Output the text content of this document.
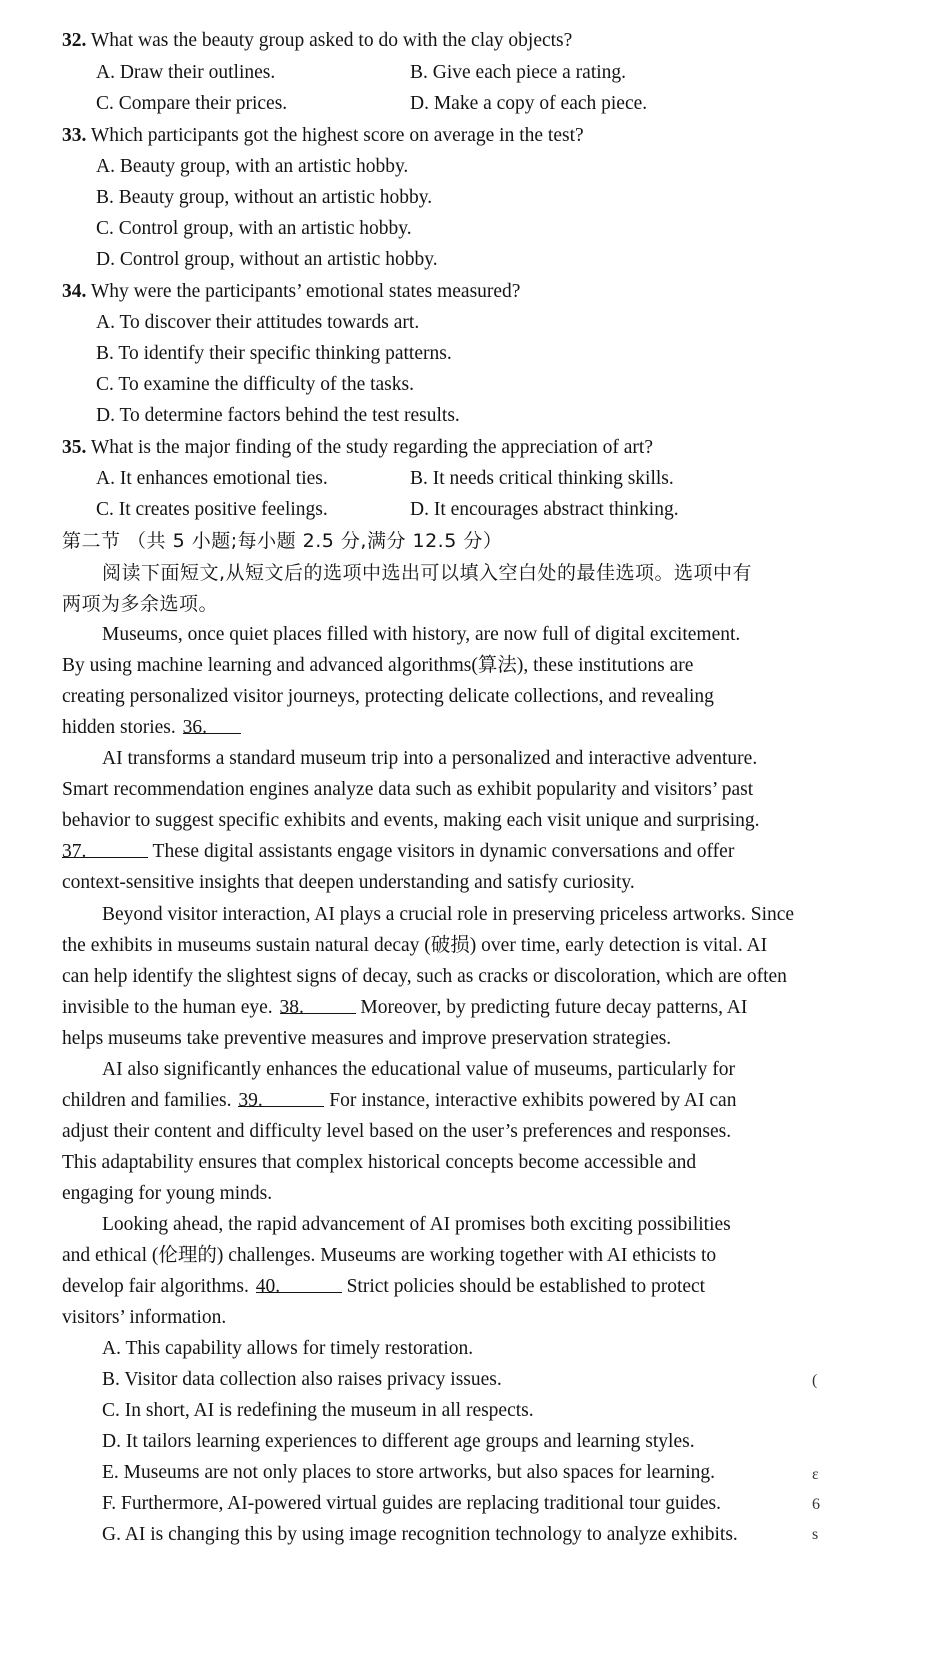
32. What was the beauty group asked to do with the clay objects?
A. Draw their outlines.	B. Give each piece a rating.
C. Compare their prices.	D. Make a copy of each piece.
33. Which participants got the highest score on average in the test?
A. Beauty group, with an artistic hobby.
B. Beauty group, without an artistic hobby.
C. Control group, with an artistic hobby.
D. Control group, without an artistic hobby.
34. Why were the participants’ emotional states measured?
A. To discover their attitudes towards art.
B. To identify their specific thinking patterns.
C. To examine the difficulty of the tasks.
D. To determine factors behind the test results.
35. What is the major finding of the study regarding the appreciation of art?
A. It enhances emotional ties.	B. It needs critical thinking skills.
C. It creates positive feelings.	D. It encourages abstract thinking.
第二节 （共 5 小题;每小题 2.5 分,满分 12.5 分）
阅读下面短文,从短文后的选项中选出可以填入空白处的最佳选项。选项中有
两项为多余选项。
Museums, once quiet places filled with history, are now full of digital excitement.
By using machine learning and advanced algorithms(算法), these institutions are
creating personalized visitor journeys, protecting delicate collections, and revealing
hidden stories. 36.
AI transforms a standard museum trip into a personalized and interactive adventure.
Smart recommendation engines analyze data such as exhibit popularity and visitors’ past
behavior to suggest specific exhibits and events, making each visit unique and surprising.
37.	These digital assistants engage visitors in dynamic conversations and offer
context-sensitive insights that deepen understanding and satisfy curiosity.
Beyond visitor interaction, AI plays a crucial role in preserving priceless artworks. Since
the exhibits in museums sustain natural decay (破损) over time, early detection is vital. AI
can help identify the slightest signs of decay, such as cracks or discoloration, which are often
invisible to the human eye. 38.	Moreover, by predicting future decay patterns, AI
helps museums take preventive measures and improve preservation strategies.
AI also significantly enhances the educational value of museums, particularly for
children and families. 39.	For instance, interactive exhibits powered by AI can
adjust their content and difficulty level based on the user’s preferences and responses.
This adaptability ensures that complex historical concepts become accessible and
engaging for young minds.
Looking ahead, the rapid advancement of AI promises both exciting possibilities
and ethical (伦理的) challenges. Museums are working together with AI ethicists to
develop fair algorithms. 40.	Strict policies should be established to protect
visitors’ information.
A. This capability allows for timely restoration.
B. Visitor data collection also raises privacy issues.
C. In short, AI is redefining the museum in all respects.
D. It tailors learning experiences to different age groups and learning styles.
E. Museums are not only places to store artworks, but also spaces for learning.
F. Furthermore, AI-powered virtual guides are replacing traditional tour guides.
G. AI is changing this by using image recognition technology to analyze exhibits.
(
ε
6
s
